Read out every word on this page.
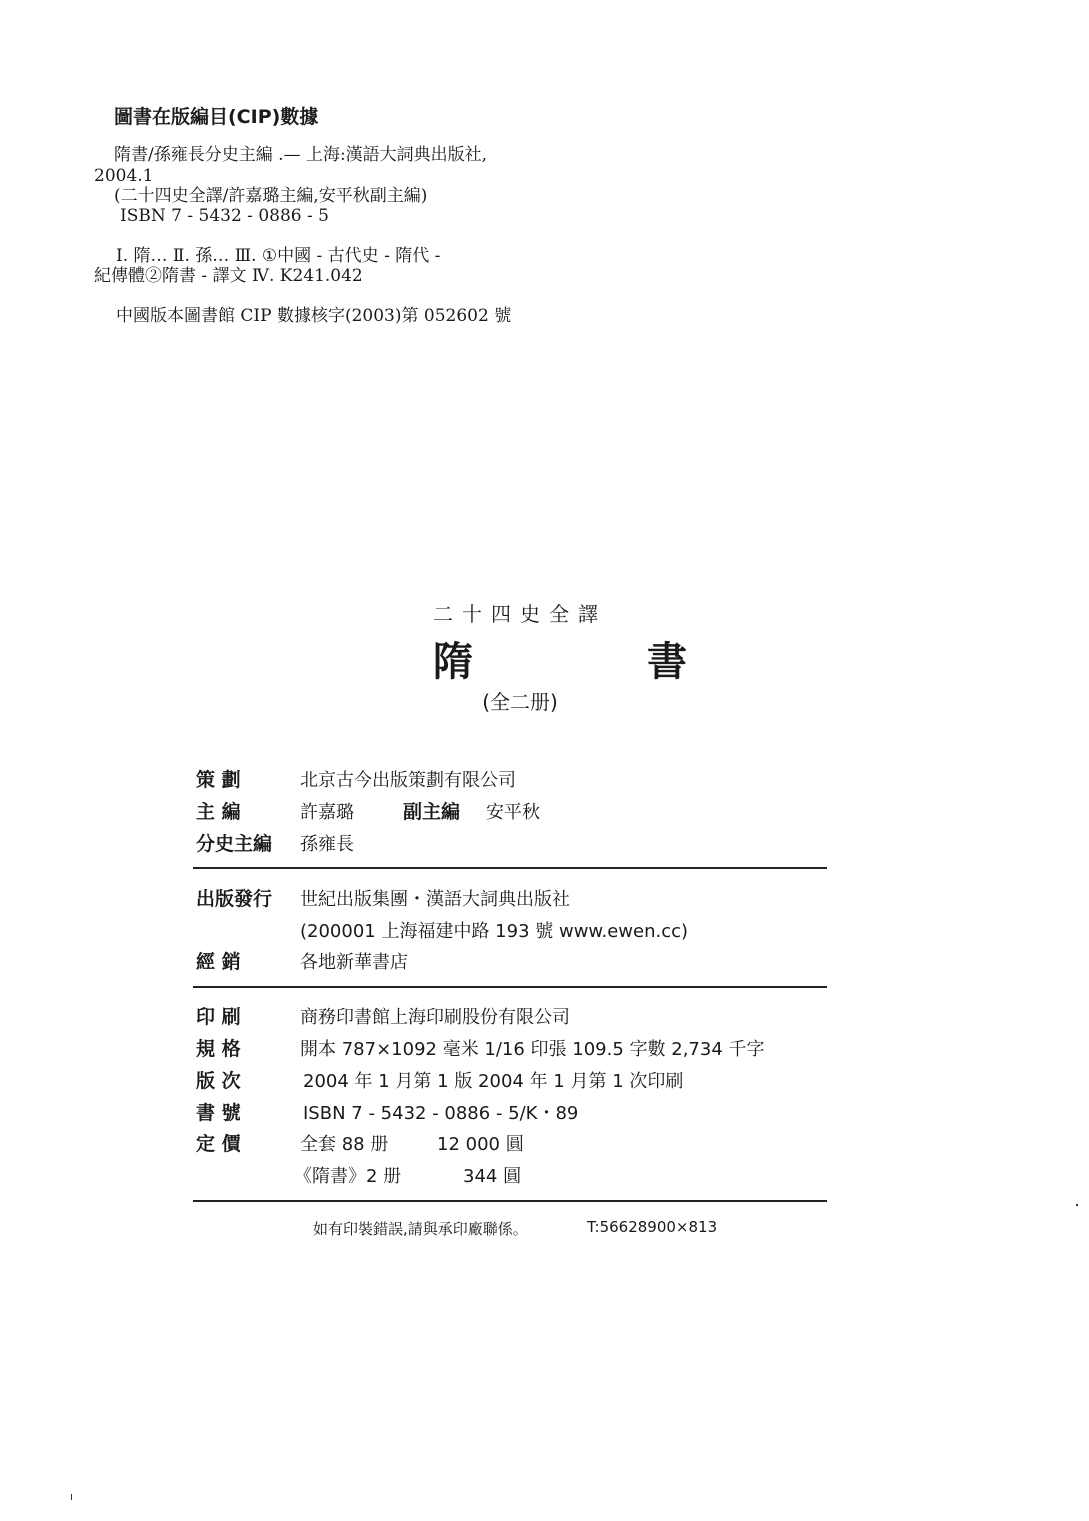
圖書在版編目(CIP)數據
隋書/孫雍長分史主編 .— 上海:漢語大詞典出版社,
2004.1
(二十四史全譯/許嘉璐主編,安平秋副主編)
ISBN 7 - 5432 - 0886 - 5
Ⅰ. 隋… Ⅱ. 孫… Ⅲ. ①中國 - 古代史 - 隋代 -
紀傳體②隋書 - 譯文 Ⅳ. K241.042
中國版本圖書館 CIP 數據核字(2003)第 052602 號
二十四史全譯
隋 書
(全二册)
策 劃	北京古今出版策劃有限公司
主 編	許嘉璐	副主編 安平秋
分史主編 孫雍長
出版發行 世紀出版集團・漢語大詞典出版社
(200001 上海福建中路 193 號 www.ewen.cc)
經 銷	各地新華書店
印 刷	商務印書館上海印刷股份有限公司
規 格	開本 787×1092 毫米 1/16 印張 109.5 字數 2,734 千字
版 次	2004 年 1 月第 1 版 2004 年 1 月第 1 次印刷
書 號	ISBN 7 - 5432 - 0886 - 5/K・89
定 價	全套 88 册	12 000 圓
《隋書》2 册	344 圓
如有印裝錯誤,請與承印廠聯係。	T:56628900×813
